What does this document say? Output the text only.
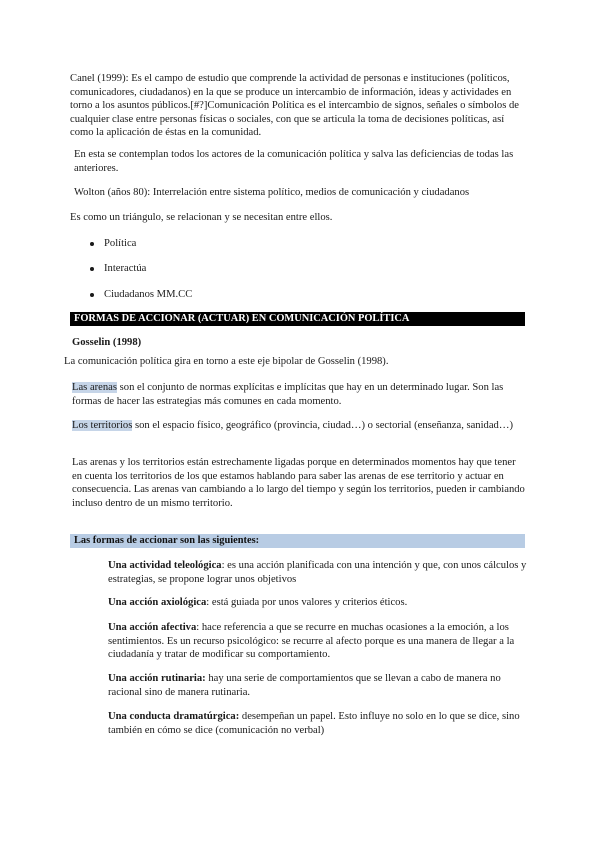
Canel (1999): Es el campo de estudio que comprende la actividad de personas e instituciones (políticos, comunicadores, ciudadanos) en la que se produce un intercambio de información, ideas y actividades en torno a los asuntos públicos.[#?]Comunicación Política es el intercambio de signos, señales o símbolos de cualquier clase entre personas físicas o sociales, con que se articula la toma de decisiones políticas, así como la aplicación de éstas en la comunidad.

En esta se contemplan todos los actores de la comunicación política y salva las deficiencias de todas las anteriores.

Wolton (años 80): Interrelación entre sistema político, medios de comunicación y ciudadanos

Es como un triángulo, se relacionan y se necesitan entre ellos.

Política
Interactúa
Ciudadanos MM.CC
FORMAS DE ACCIONAR (ACTUAR) EN COMUNICACIÓN POLÍTICA

Gosselin (1998)

La comunicación política gira en torno a este eje bipolar de Gosselin (1998).

Las arenas son el conjunto de normas explícitas e implícitas que hay en un determinado lugar. Son las formas de hacer las estrategias más comunes en cada momento.

Los territorios son el espacio físico, geográfico (provincia, ciudad…) o sectorial (enseñanza, sanidad…)

Las arenas y los territorios están estrechamente ligadas porque en determinados momentos hay que tener en cuenta los territorios de los que estamos hablando para saber las arenas de ese territorio y actuar en consecuencia. Las arenas van cambiando a lo largo del tiempo y según los territorios, pueden ir cambiando incluso dentro de un mismo territorio.

Las formas de accionar son las siguientes:

Una actividad teleológica: es una acción planificada con una intención y que, con unos cálculos y estrategias, se propone lograr unos objetivos

Una acción axiológica: está guiada por unos valores y criterios éticos.

Una acción afectiva: hace referencia a que se recurre en muchas ocasiones a la emoción, a los sentimientos. Es un recurso psicológico: se recurre al afecto porque es una manera de llegar a la ciudadanía y tratar de modificar su comportamiento.

Una acción rutinaria: hay una serie de comportamientos que se llevan a cabo de manera no racional sino de manera rutinaria.

Una conducta dramatúrgica: desempeñan un papel. Esto influye no solo en lo que se dice, sino también en cómo se dice (comunicación no verbal)
